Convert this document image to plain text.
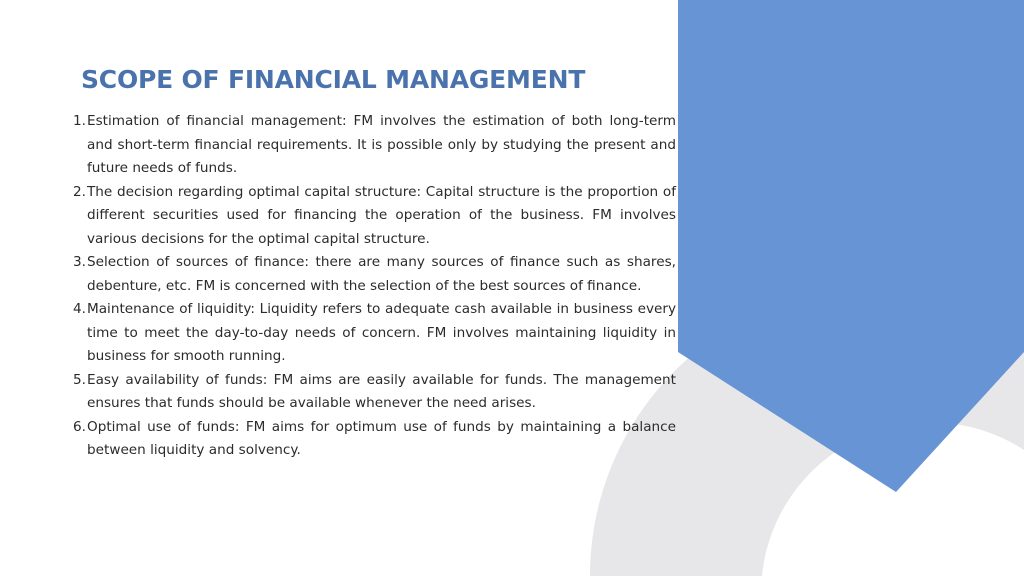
SCOPE OF FINANCIAL MANAGEMENT
1. Estimation of financial management: FM involves the estimation of both long-term and short-term financial requirements. It is possible only by studying the present and future needs of funds.
2. The decision regarding optimal capital structure: Capital structure is the proportion of different securities used for financing the operation of the business. FM involves various decisions for the optimal capital structure.
3. Selection of sources of finance: there are many sources of finance such as shares, debenture, etc. FM is concerned with the selection of the best sources of finance.
4. Maintenance of liquidity: Liquidity refers to adequate cash available in business every time to meet the day-to-day needs of concern. FM involves maintaining liquidity in business for smooth running.
5. Easy availability of funds: FM aims are easily available for funds. The management ensures that funds should be available whenever the need arises.
6. Optimal use of funds: FM aims for optimum use of funds by maintaining a balance between liquidity and solvency.
